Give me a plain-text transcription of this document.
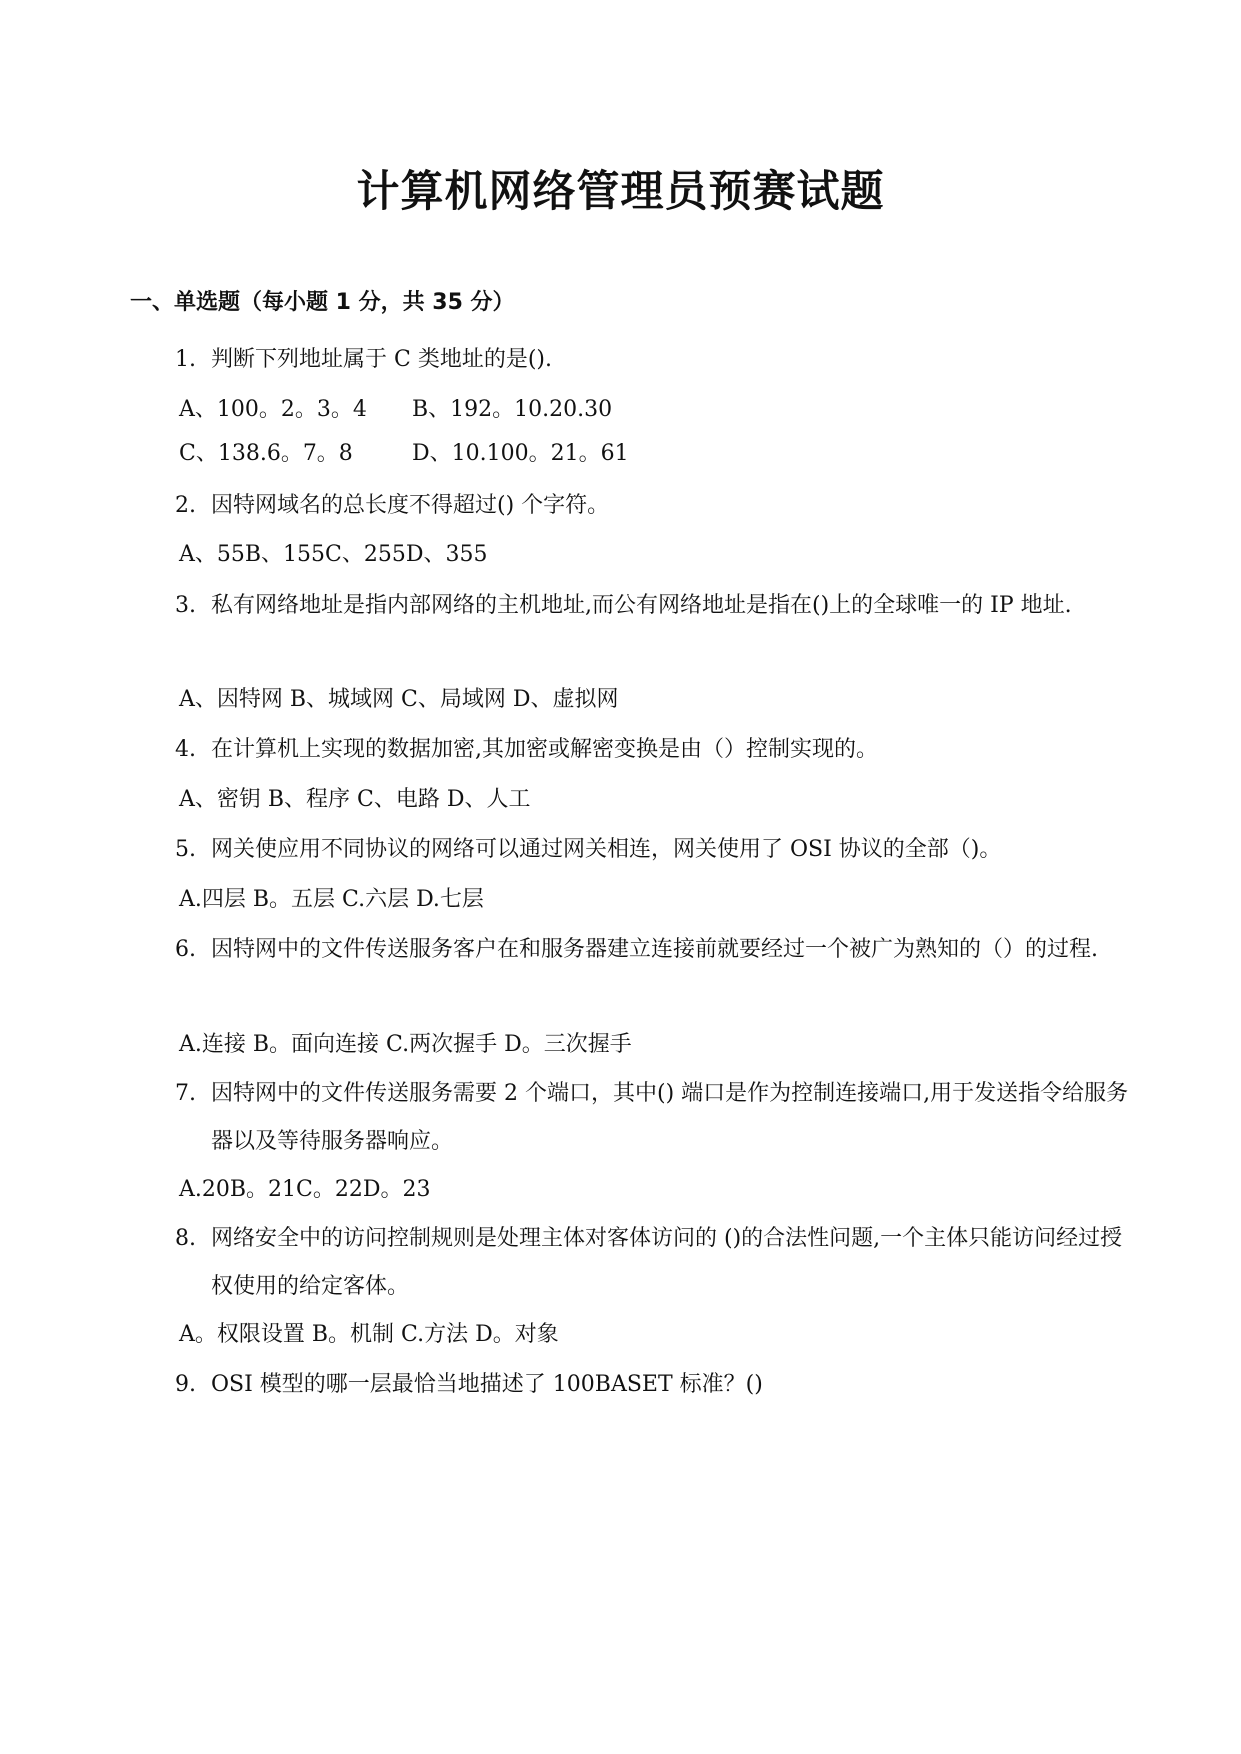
计算机网络管理员预赛试题
一、单选题（每小题 1 分，共 35 分）
1. 判断下列地址属于 C 类地址的是().
A、100。2。3。4 B、192。10.20.30
C、138.6。7。8	D、10.100。21。61
2. 因特网域名的总长度不得超过() 个字符。
A、55B、155C、255D、355
3. 私有网络地址是指内部网络的主机地址,而公有网络地址是指在()上的全球唯一的 IP 地址.
A、因特网 B、城域网 C、局域网 D、虚拟网
4. 在计算机上实现的数据加密,其加密或解密变换是由（）控制实现的。
A、密钥 B、程序 C、电路 D、人工
5. 网关使应用不同协议的网络可以通过网关相连，网关使用了 OSI 协议的全部（)。
A.四层 B。五层 C.六层 D.七层
6. 因特网中的文件传送服务客户在和服务器建立连接前就要经过一个被广为熟知的（）的过程.
A.连接 B。面向连接 C.两次握手 D。三次握手
7. 因特网中的文件传送服务需要 2 个端口，其中() 端口是作为控制连接端口,用于发送指令给服务器以及等待服务器响应。
A.20B。21C。22D。23
8. 网络安全中的访问控制规则是处理主体对客体访问的 ()的合法性问题,一个主体只能访问经过授权使用的给定客体。
A。权限设置 B。机制 C.方法 D。对象
9. OSI 模型的哪一层最恰当地描述了 100BASET 标准？()
